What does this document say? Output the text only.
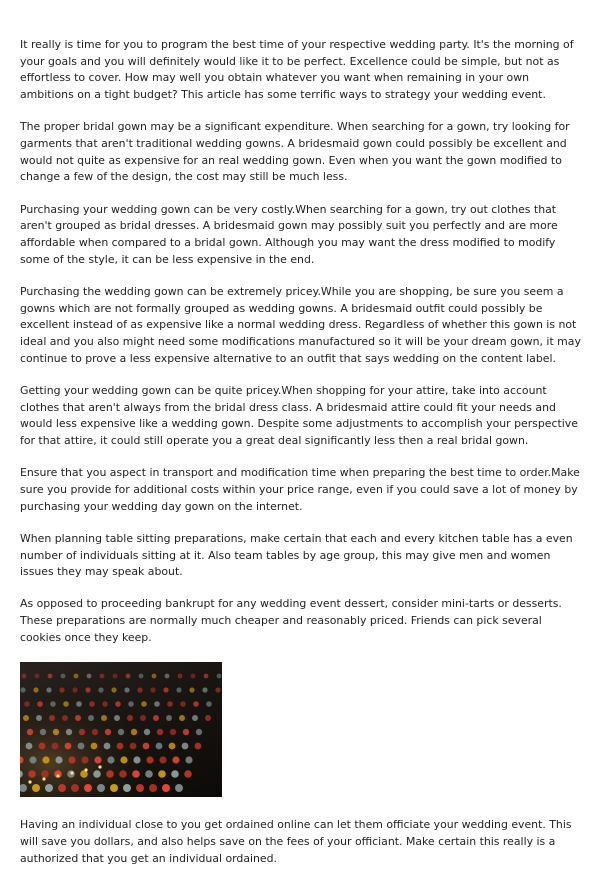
It really is time for you to program the best time of your respective wedding party. It's the morning of your goals and you will definitely would like it to be perfect. Excellence could be simple, but not as effortless to cover. How may well you obtain whatever you want when remaining in your own ambitions on a tight budget? This article has some terrific ways to strategy your wedding event.

The proper bridal gown may be a significant expenditure. When searching for a gown, try looking for garments that aren't traditional wedding gowns. A bridesmaid gown could possibly be excellent and would not quite as expensive for an real wedding gown. Even when you want the gown modified to change a few of the design, the cost may still be much less.

Purchasing your wedding gown can be very costly.When searching for a gown, try out clothes that aren't grouped as bridal dresses. A bridesmaid gown may possibly suit you perfectly and are more affordable when compared to a bridal gown. Although you may want the dress modified to modify some of the style, it can be less expensive in the end.

Purchasing the wedding gown can be extremely pricey.While you are shopping, be sure you seem a gowns which are not formally grouped as wedding gowns. A bridesmaid outfit could possibly be excellent instead of as expensive like a normal wedding dress. Regardless of whether this gown is not ideal and you also might need some modifications manufactured so it will be your dream gown, it may continue to prove a less expensive alternative to an outfit that says wedding on the content label.

Getting your wedding gown can be quite pricey.When shopping for your attire, take into account clothes that aren't always from the bridal dress class. A bridesmaid attire could fit your needs and would less expensive like a wedding gown. Despite some adjustments to accomplish your perspective for that attire, it could still operate you a great deal significantly less then a real bridal gown.

Ensure that you aspect in transport and modification time when preparing the best time to order.Make sure you provide for additional costs within your price range, even if you could save a lot of money by purchasing your wedding day gown on the internet.

When planning table sitting preparations, make certain that each and every kitchen table has a even number of individuals sitting at it. Also team tables by age group, this may give men and women issues they may speak about.

As opposed to proceeding bankrupt for any wedding event dessert, consider mini-tarts or desserts. These preparations are normally much cheaper and reasonably priced. Friends can pick several cookies once they keep.

Having an individual close to you get ordained online can let them officiate your wedding event. This will save you dollars, and also helps save on the fees of your officiant. Make certain this really is a authorized that you get an individual ordained.
